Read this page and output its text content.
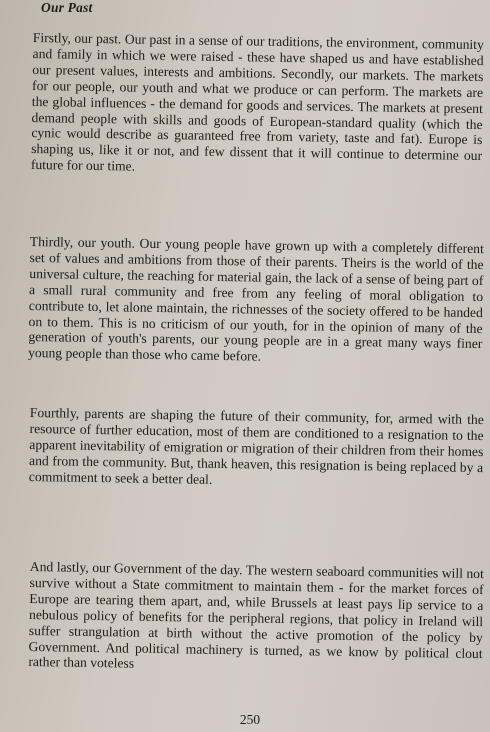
Our Past

Firstly, our past. Our past in a sense of our traditions, the environment, community and family in which we were raised - these have shaped us and have established our present values, interests and ambitions. Secondly, our markets. The markets for our people, our youth and what we produce or can perform. The markets are the global influences - the demand for goods and services. The markets at present demand people with skills and goods of European-standard quality (which the cynic would describe as guaranteed free from variety, taste and fat). Europe is shaping us, like it or not, and few dissent that it will continue to determine our future for our time.

Thirdly, our youth. Our young people have grown up with a completely different set of values and ambitions from those of their parents. Theirs is the world of the universal culture, the reaching for material gain, the lack of a sense of being part of a small rural community and free from any feeling of moral obligation to contribute to, let alone maintain, the richnesses of the society offered to be handed on to them. This is no criticism of our youth, for in the opinion of many of the generation of youth's parents, our young people are in a great many ways finer young people than those who came before.

Fourthly, parents are shaping the future of their community, for, armed with the resource of further education, most of them are conditioned to a resignation to the apparent inevitability of emigration or migration of their children from their homes and from the community. But, thank heaven, this resignation is being replaced by a commitment to seek a better deal.

And lastly, our Government of the day. The western seaboard communities will not survive without a State commitment to maintain them - for the market forces of Europe are tearing them apart, and, while Brussels at least pays lip service to a nebulous policy of benefits for the peripheral regions, that policy in Ireland will suffer strangulation at birth without the active promotion of the policy by Government. And political machinery is turned, as we know by political clout rather than voteless

250
